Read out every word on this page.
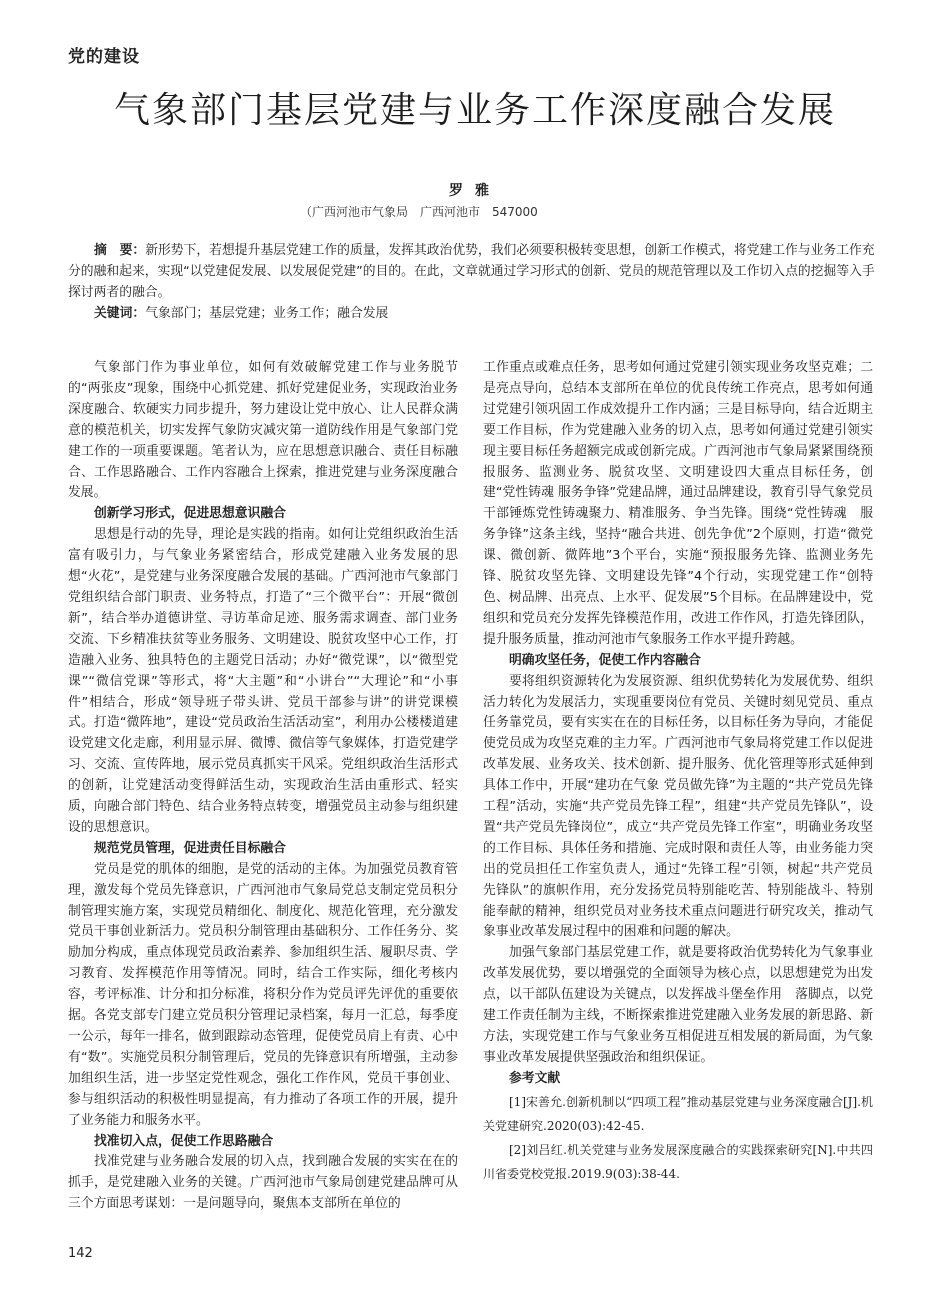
党的建设
气象部门基层党建与业务工作深度融合发展
罗雅
（广西河池市气象局　广西河池市　547000
摘　要：新形势下，若想提升基层党建工作的质量，发挥其政治优势，我们必须要积极转变思想，创新工作模式，将党建工作与业务工作充分的融和起来，实现“以党建促发展、以发展促党建”的目的。在此，文章就通过学习形式的创新、党员的规范管理以及工作切入点的挖掘等入手探讨两者的融合。
关键词：气象部门；基层党建；业务工作；融合发展

气象部门作为事业单位，如何有效破解党建工作与业务脱节的“两张皮”现象，围绕中心抓党建、抓好党建促业务，实现政治业务深度融合、软硬实力同步提升，努力建设让党中放心、让人民群众满意的模范机关，切实发挥气象防灾减灾第一道防线作用是气象部门党建工作的一项重要课题。笔者认为，应在思想意识融合、责任目标融合、工作思路融合、工作内容融合上探索，推进党建与业务深度融合发展。

创新学习形式，促进思想意识融合

思想是行动的先导，理论是实践的指南。如何让党组织政治生活富有吸引力，与气象业务紧密结合，形成党建融入业务发展的思想“火花”，是党建与业务深度融合发展的基础。广西河池市气象部门党组织结合部门职责、业务特点，打造了“三个微平台”：开展“微创新”，结合举办道德讲堂、寻访革命足迹、服务需求调查、部门业务交流、下乡精准扶贫等业务服务、文明建设、脱贫攻坚中心工作，打造融入业务、独具特色的主题党日活动；办好“微党课”，以“微型党课”“微信党课”等形式，将“大主题”和“小讲台”“大理论”和“小事件”相结合，形成“领导班子带头讲、党员干部参与讲”的讲党课模式。打造“微阵地”，建设“党员政治生活活动室”，利用办公楼楼道建设党建文化走廊，利用显示屏、微博、微信等气象媒体，打造党建学习、交流、宣传阵地，展示党员真抓实干风采。党组织政治生活形式的创新，让党建活动变得鲜活生动，实现政治生活由重形式、轻实质，向融合部门特色、结合业务特点转变，增强党员主动参与组织建设的思想意识。

规范党员管理，促进责任目标融合

党员是党的肌体的细胞，是党的活动的主体。为加强党员教育管理，激发每个党员先锋意识，广西河池市气象局党总支制定党员积分制管理实施方案，实现党员精细化、制度化、规范化管理，充分激发党员干事创业新活力。党员积分制管理由基础积分、工作任务分、奖励加分构成，重点体现党员政治素养、参加组织生活、履职尽责、学习教育、发挥模范作用等情况。同时，结合工作实际，细化考核内容，考评标准、计分和扣分标准，将积分作为党员评先评优的重要依据。各党支部专门建立党员积分管理记录档案，每月一汇总，每季度一公示，每年一排名，做到跟踪动态管理，促使党员肩上有责、心中有“数”。实施党员积分制管理后，党员的先锋意识有所增强，主动参加组织生活，进一步坚定党性观念，强化工作作风，党员干事创业、参与组织活动的积极性明显提高，有力推动了各项工作的开展，提升了业务能力和服务水平。

找准切入点，促使工作思路融合

找准党建与业务融合发展的切入点，找到融合发展的实实在在的抓手，是党建融入业务的关键。广西河池市气象局创建党建品牌可从三个方面思考谋划：一是问题导向，聚焦本支部所在单位的

工作重点或难点任务，思考如何通过党建引领实现业务攻坚克难；二是亮点导向，总结本支部所在单位的优良传统工作亮点，思考如何通过党建引领巩固工作成效提升工作内涵；三是目标导向，结合近期主要工作目标，作为党建融入业务的切入点，思考如何通过党建引领实现主要目标任务超额完成或创新完成。广西河池市气象局紧紧围绕预报服务、监测业务、脱贫攻坚、文明建设四大重点目标任务，创建“党性铸魂 服务争锋”党建品牌，通过品牌建设，教育引导气象党员干部锤炼党性铸魂聚力、精准服务、争当先锋。围绕“党性铸魂　服务争锋”这条主线，坚持“融合共进、创先争优”2个原则，打造“微党课、微创新、微阵地”3个平台，实施“预报服务先锋、监测业务先锋、脱贫攻坚先锋、文明建设先锋”4个行动，实现党建工作“创特色、树品牌、出亮点、上水平、促发展”5个目标。在品牌建设中，党组织和党员充分发挥先锋模范作用，改进工作作风，打造先锋团队，提升服务质量，推动河池市气象服务工作水平提升跨越。

明确攻坚任务，促使工作内容融合

要将组织资源转化为发展资源、组织优势转化为发展优势、组织活力转化为发展活力，实现重要岗位有党员、关键时刻见党员、重点任务靠党员，要有实实在在的目标任务，以目标任务为导向，才能促使党员成为攻坚克难的主力军。广西河池市气象局将党建工作以促进改革发展、业务攻关、技术创新、提升服务、优化管理等形式延伸到具体工作中，开展“建功在气象 党员做先锋”为主题的“共产党员先锋工程”活动，实施“共产党员先锋工程”，组建“共产党员先锋队”，设置“共产党员先锋岗位”，成立“共产党员先锋工作室”，明确业务攻坚的工作目标、具体任务和措施、完成时限和责任人等，由业务能力突出的党员担任工作室负责人，通过“先锋工程”引领，树起“共产党员先锋队”的旗帜作用，充分发扬党员特别能吃苦、特别能战斗、特别能奉献的精神，组织党员对业务技术重点问题进行研究攻关，推动气象事业改革发展过程中的困难和问题的解决。

加强气象部门基层党建工作，就是要将政治优势转化为气象事业改革发展优势，要以增强党的全面领导为核心点，以思想建党为出发点，以干部队伍建设为关键点，以发挥战斗堡垒作用　落脚点，以党建工作责任制为主线，不断探索推进党建融入业务发展的新思路、新方法，实现党建工作与气象业务互相促进互相发展的新局面，为气象事业改革发展提供坚强政治和组织保证。

参考文献

[1]宋善允.创新机制以“四项工程”推动基层党建与业务深度融合[J].机关党建研究.2020(03):42-45.

[2]刘吕红.机关党建与业务发展深度融合的实践探索研究[N].中共四川省委党校党报.2019.9(03):38-44.

142
